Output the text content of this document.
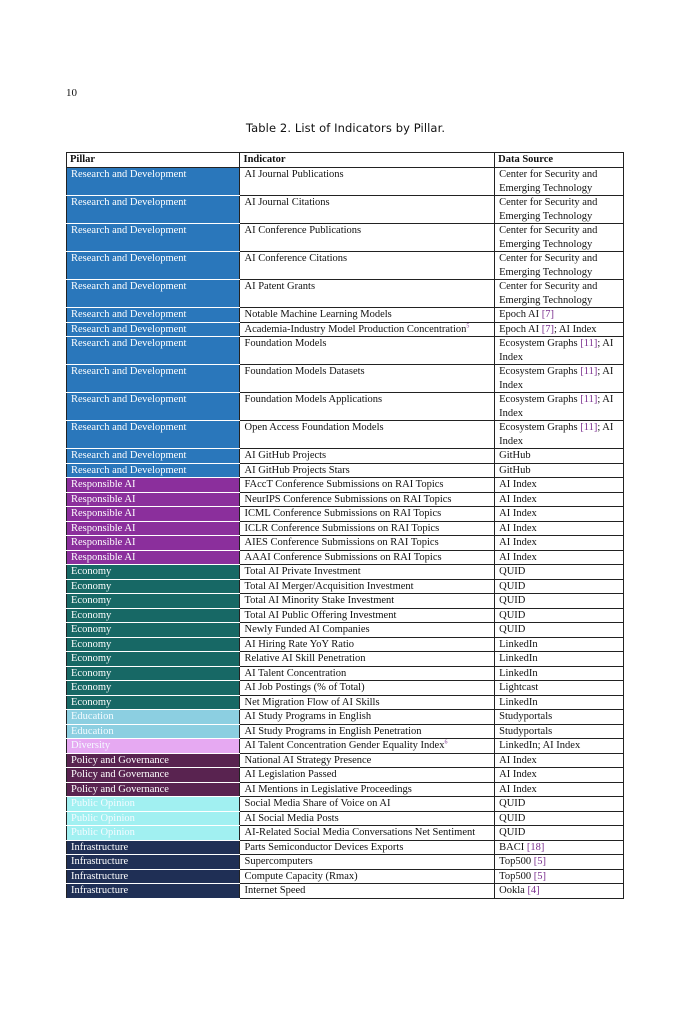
10
Table 2. List of Indicators by Pillar.
Pillar	Indicator	Data Source
Research and Development	AI Journal Publications	Center for Security and Emerging Technology
Research and Development	AI Journal Citations	Center for Security and Emerging Technology
Research and Development	AI Conference Publications	Center for Security and Emerging Technology
Research and Development	AI Conference Citations	Center for Security and Emerging Technology
Research and Development	AI Patent Grants	Center for Security and Emerging Technology
Research and Development	Notable Machine Learning Models	Epoch AI [7]
Research and Development	Academia-Industry Model Production Concentration$^5$	Epoch AI [7]; AI Index
Research and Development	Foundation Models	Ecosystem Graphs [11]; AI Index
Research and Development	Foundation Models Datasets	Ecosystem Graphs [11]; AI Index
Research and Development	Foundation Models Applications	Ecosystem Graphs [11]; AI Index
Research and Development	Open Access Foundation Models	Ecosystem Graphs [11]; AI Index
Research and Development	AI GitHub Projects	GitHub
Research and Development	AI GitHub Projects Stars	GitHub
Responsible AI	FAccT Conference Submissions on RAI Topics	AI Index
Responsible AI	NeurIPS Conference Submissions on RAI Topics	AI Index
Responsible AI	ICML Conference Submissions on RAI Topics	AI Index
Responsible AI	ICLR Conference Submissions on RAI Topics	AI Index
Responsible AI	AIES Conference Submissions on RAI Topics	AI Index
Responsible AI	AAAI Conference Submissions on RAI Topics	AI Index
Economy	Total AI Private Investment	QUID
Economy	Total AI Merger/Acquisition Investment	QUID
Economy	Total AI Minority Stake Investment	QUID
Economy	Total AI Public Offering Investment	QUID
Economy	Newly Funded AI Companies	QUID
Economy	AI Hiring Rate YoY Ratio	LinkedIn
Economy	Relative AI Skill Penetration	LinkedIn
Economy	AI Talent Concentration	LinkedIn
Economy	AI Job Postings (% of Total)	Lightcast
Economy	Net Migration Flow of AI Skills	LinkedIn
Education	AI Study Programs in English	Studyportals
Education	AI Study Programs in English Penetration	Studyportals
Diversity	AI Talent Concentration Gender Equality Index$^6$	LinkedIn; AI Index
Policy and Governance	National AI Strategy Presence	AI Index
Policy and Governance	AI Legislation Passed	AI Index
Policy and Governance	AI Mentions in Legislative Proceedings	AI Index
Public Opinion	Social Media Share of Voice on AI	QUID
Public Opinion	AI Social Media Posts	QUID
Public Opinion	AI-Related Social Media Conversations Net Sentiment	QUID
Infrastructure	Parts Semiconductor Devices Exports	BACI [18]
Infrastructure	Supercomputers	Top500 [5]
Infrastructure	Compute Capacity (Rmax)	Top500 [5]
Infrastructure	Internet Speed	Ookla [4]
